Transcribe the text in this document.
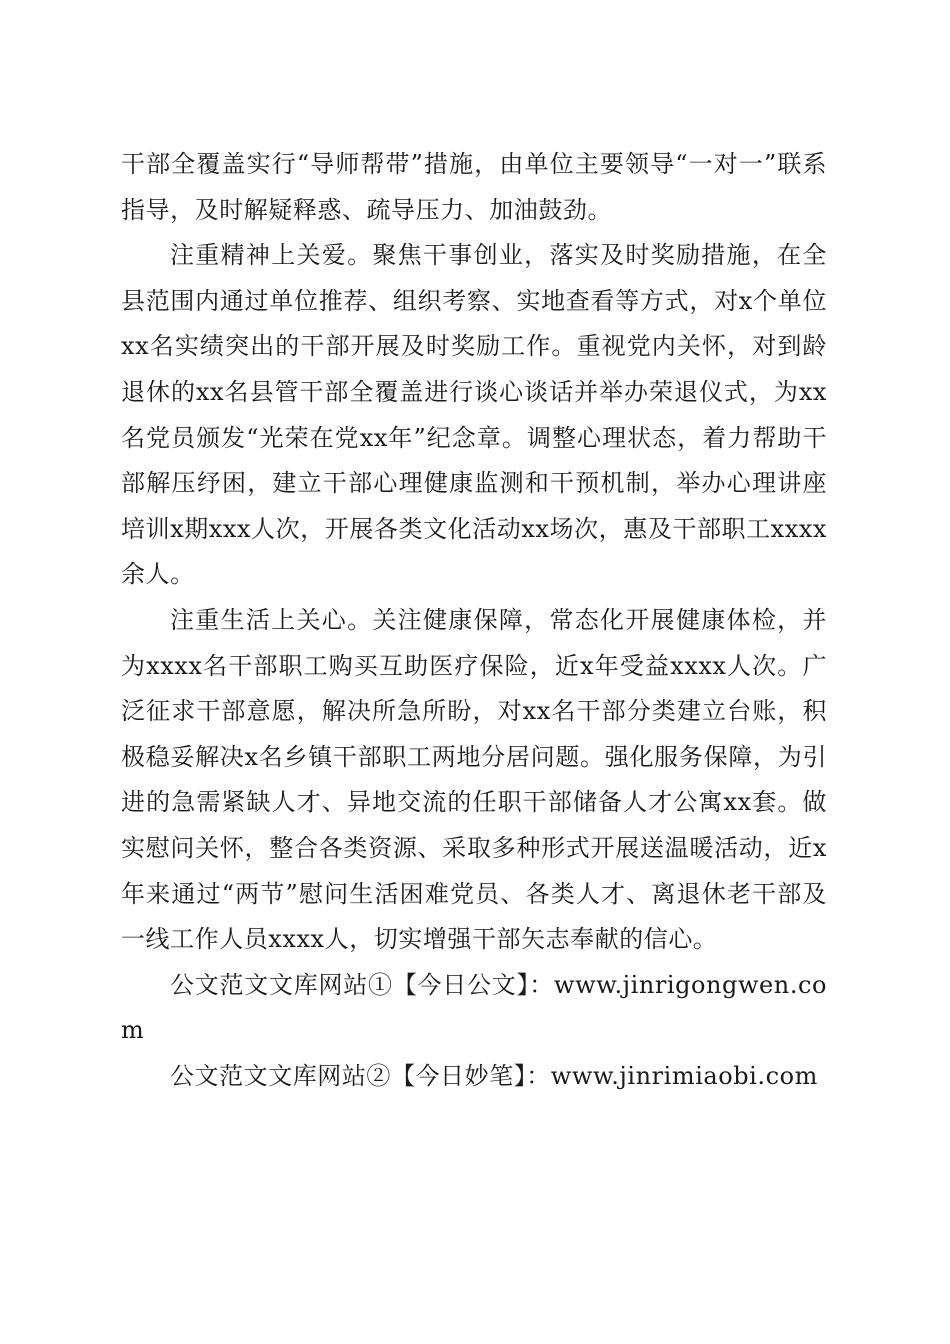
干部全覆盖实行“导师帮带”措施，由单位主要领导“一对一”联系指导，及时解疑释惑、疏导压力、加油鼓劲。

注重精神上关爱。聚焦干事创业，落实及时奖励措施，在全县范围内通过单位推荐、组织考察、实地查看等方式，对x个单位xx名实绩突出的干部开展及时奖励工作。重视党内关怀，对到龄退休的xx名县管干部全覆盖进行谈心谈话并举办荣退仪式，为xx名党员颁发“光荣在党xx年”纪念章。调整心理状态，着力帮助干部解压纾困，建立干部心理健康监测和干预机制，举办心理讲座培训x期xxx人次，开展各类文化活动xx场次，惠及干部职工xxxx余人。

注重生活上关心。关注健康保障，常态化开展健康体检，并为xxxx名干部职工购买互助医疗保险，近x年受益xxxx人次。广泛征求干部意愿，解决所急所盼，对xx名干部分类建立台账，积极稳妥解决x名乡镇干部职工两地分居问题。强化服务保障，为引进的急需紧缺人才、异地交流的任职干部储备人才公寓xx套。做实慰问关怀，整合各类资源、采取多种形式开展送温暖活动，近x年来通过“两节”慰问生活困难党员、各类人才、离退休老干部及一线工作人员xxxx人，切实增强干部矢志奉献的信心。

公文范文文库网站①【今日公文】：www.jinrigongwen.com

公文范文文库网站②【今日妙笔】：www.jinrimiaobi.com
